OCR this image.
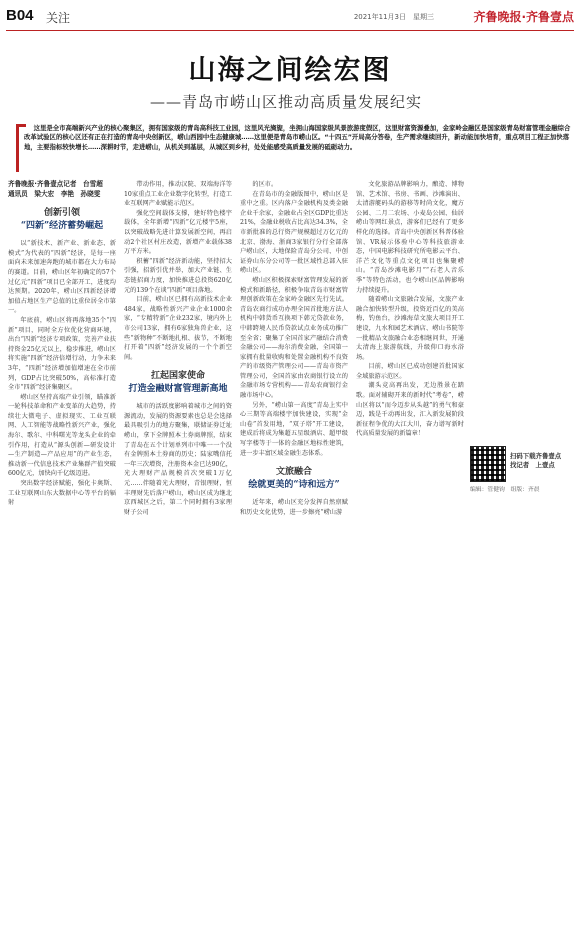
B04 关注	2021年11月3日　星期三	齐鲁晚报·齐鲁壹点
山海之间绘宏图
——青岛市崂山区推动高质量发展纪实

这里是全市高端新兴产业的核心聚集区，拥有国家级的青岛高科技工业园，这里风光旖旎，坐拥山海国家级风景旅游度假区，这里财富资源叠加，金家岭金融区是国家级青岛财富管理金融综合改革试验区的核心区还有正在打造的青岛中央创新区，崂山西园中生态健康城……这里便是青岛市崂山区。“十四五”开局高分答卷，生产需求继续回升，新动能加快培育，重点项目工程正加快落地，主要指标较快增长……深耕时节，走进崂山，从机关到基层，从城区到乡村，处处能感受高质量发展的砥砺动力。

齐鲁晚报·齐鲁壹点记者　台雪超
通讯员　梁大宏　李艳　孙晓雯
创新引领
“四新”经济蓄势崛起

以“新技术、新产业、新业态、新模式”为代表的“四新”经济，是每一座面向未来加速奔跑的城市都在大力布局的赛道。目前，崂山区年初确定的57个过亿元“四新”项目已全部开工，进度均达预期。2020年，崂山区四新经济增加值占地区生产总值的比重位居全市第一。

年底前，崂山区将再落地35个“四新”项目，同时全方位优化营商环境，出台“四新”经济专项政策，完善产业扶持资金25亿元以上，稳步推进，崂山区将实施“四新”经济倍增行动，力争未来3年，“四新”经济增加值增速在全市前列，GDP占比突破50%，高标准打造全市“四新”经济集聚区。

崂山区坚持高端产业引领，瞄准新一轮科技革命和产业变革的大趋势，持续壮大微电子、虚拟现实、工业互联网、人工智能等战略性新兴产业，强化海尔、歌尔、中科曙光等龙头企业的牵引作用，打造从“源头创新—研发设计—生产制造—产品应用”的产业生态，推动新一代信息技术产业集群产值突破600亿元，加快向千亿级迈进。

突出数字经济赋能，强化卡奥斯、工业互联网山东大数据中心等平台的辐射

带动作用，推动汉院、双端海洋等10家重点工业企业数字化转型，打造工业互联网产业赋能示范区。

强化空间载体支撑，建好特色楼宇载体，全年新增“四新”亿元楼宇5座，以突破战略先进计算发展新空间，再启动2个社区村庄改造，新增产业载体38万平方米。

积蓄“四新”经济新动能，坚持招大引强，招新引优并举，加大产业链、生态链招商力度，加快推进总投资620亿元的139个在谈“四新”项目落地。

目前，崂山区已拥有高新技术企业484家，战略性新兴产业企业1000余家，“专精特新”企业232家，境内外上市公司13家，拥有6家独角兽企业，这些“新物种”不断地扎根、拔节，不断地打开着“四新”经济发展的一个个新空间。

扛起国家使命
打造金融财富管理新高地

城市的活跃度影响着城市之间的资源流动，发展的资源要素也总是会选择最具吸引力的地方聚集，联储证券迁址崂山，拿下全牌照本土券商牌照，结束了青岛在五个计划单列市中唯一一个没有金牌照本土券商的历史；陆家嘴信托一年三次增资，注册资本金已达90亿，光大理财产品规模首次突破1万亿元……伴随着光大理财，青银理财，恒丰理财先后落户崂山，崂山区成为继北京西城区之后，第二个同时拥有3家理财子公司

的区市。

在青岛市的金融版图中，崂山区是重中之重。区内落户金融机构及类金融企业千余家，金融业占全区GDP比重达21%，金融业税收占比高达34.3%，全市新批准的总行资产规模超过万亿元的北京、渤海、浙商3家银行分行全部落户崂山区，大地保险青岛分公司、中创证券山东分公司等一批区域性总部入驻崂山区。

崂山区积极探索财富管理发展的新模式和新路径，积极争取青岛市财富管理创新政策在金家岭金融区先行先试。青岛农商行成功办理全国首批地方法人机构中韩货币互换项下韩元贷款业务，中韩跨境人民币贷款试点业务成功推广至全省；聚集了全国首家产融结合消费金融公司——海尔消费金融，全国第一家拥有批量收购和处置金融机构不良资产的市级资产管理公司——青岛市资产管理公司，全国首家由农商银行设立的金融市场专营机构——青岛农商银行金融市场中心。

另外，“崂山第一高度”青岛上实中心三期等高端楼宇加快建设，实现“金山卷”首发用地，“双子塔”开工建设，建成后将成为集超五星级酒店、超甲级写字楼等于一体的金融区地标性建筑，进一步丰富区域金融生态体系。

文旅融合
绘就更美的“诗和远方”

近年来，崂山区充分发挥自然禀赋和历史文化优势，进一步擦亮“崂山游

文化旅游品牌影响力，酿造、博物馆、艺术馆、书房、书画、沙滩演出、太清游艇码头的游移等时尚文化，魔方公园、二月二农场、小麦岛公园、仙居崂山等网红景点，游客们已经有了更多样化的选择。青岛中央创新区科普体验馆、VR展示体验中心等科技旅游业态，中国电影科技研究所电影云平台、洋芒文化等重点文化项目也集聚崂山。“青岛沙滩电影月”“石老人音乐季”等特色活动，也令崂山区品牌影响力持续提升。

随着崂山文旅融合发展，文旅产业融合加快转型升级，投资近百亿的美高梅，钓鱼台，沙滩海草文旅大项目开工建设，九水和园艺术酒店、崂山书院等一批精品文旅融合业态相继问世，开通太清海上旅游航线，升级仰口海水浴场。

目前，崂山区已成功创建首批国家全域旅游示范区。

潮头竞高再出发，无边胜景在踏歌。面对辅砌开来的新时代“考卷”，崂山区将以“而今迈步从头越”的勇气和豪迈，践是千动再出发，汇入新发展阶段新征程争优的大江大川，奋力谱写新时代高质量发展的新篇章！

扫码下载齐鲁壹点
找记者　上壹点
编辑：管健钧　组版：齐晨
